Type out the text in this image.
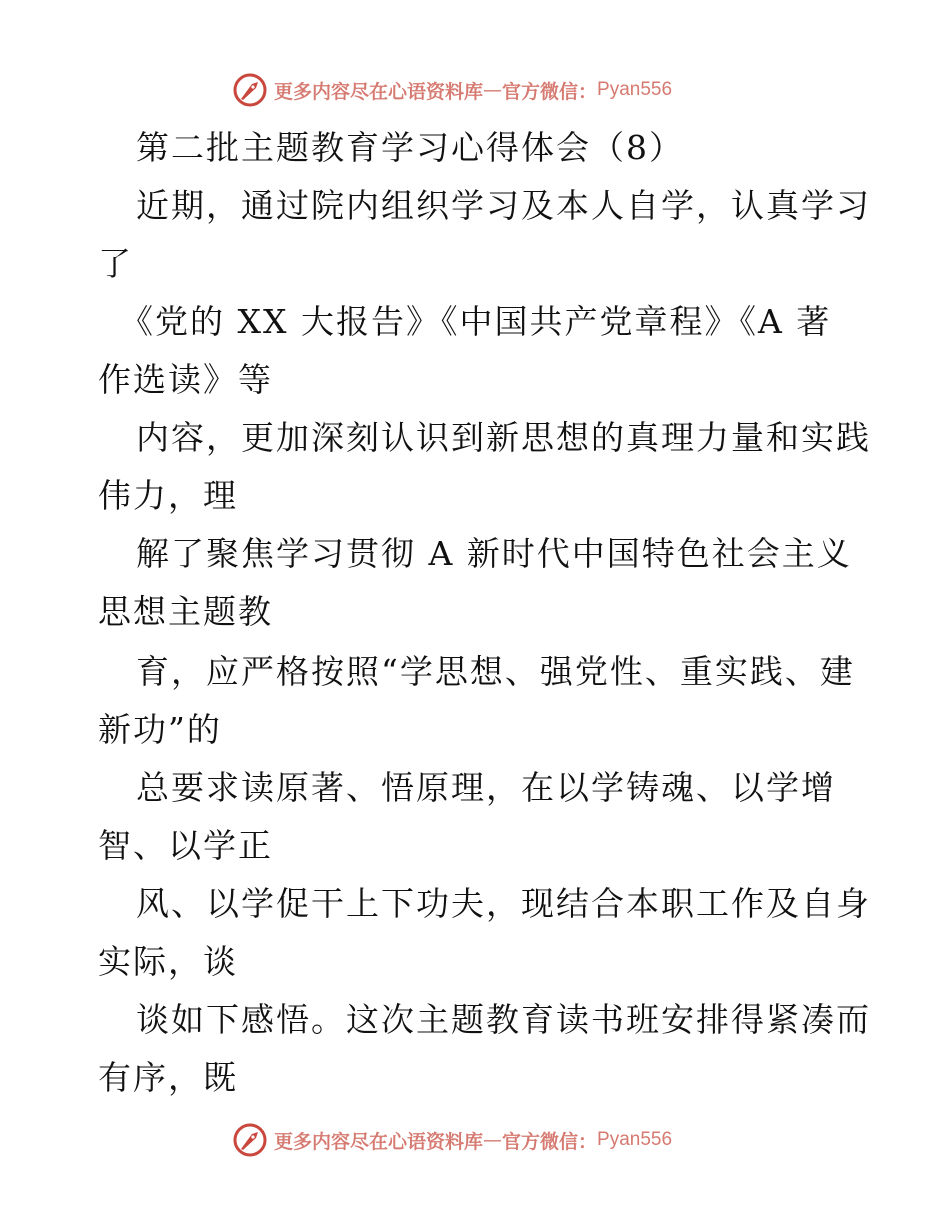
更多内容尽在心语资料库 — 官方微信： Pyan556
第二批主题教育学习心得体会（8）
近期，通过院内组织学习及本人自学，认真学习
了
《党的 XX 大报告》《中国共产党章程》《A 著
作选读》等
内容，更加深刻认识到新思想的真理力量和实践
伟力，理
解了聚焦学习贯彻 A 新时代中国特色社会主义
思想主题教
育，应严格按照“学思想、强党性、重实践、建
新功”的
总要求读原著、悟原理，在以学铸魂、以学增
智、以学正
风、以学促干上下功夫，现结合本职工作及自身
实际，谈
谈如下感悟。这次主题教育读书班安排得紧凑而
有序，既
更多内容尽在心语资料库 — 官方微信： Pyan556
